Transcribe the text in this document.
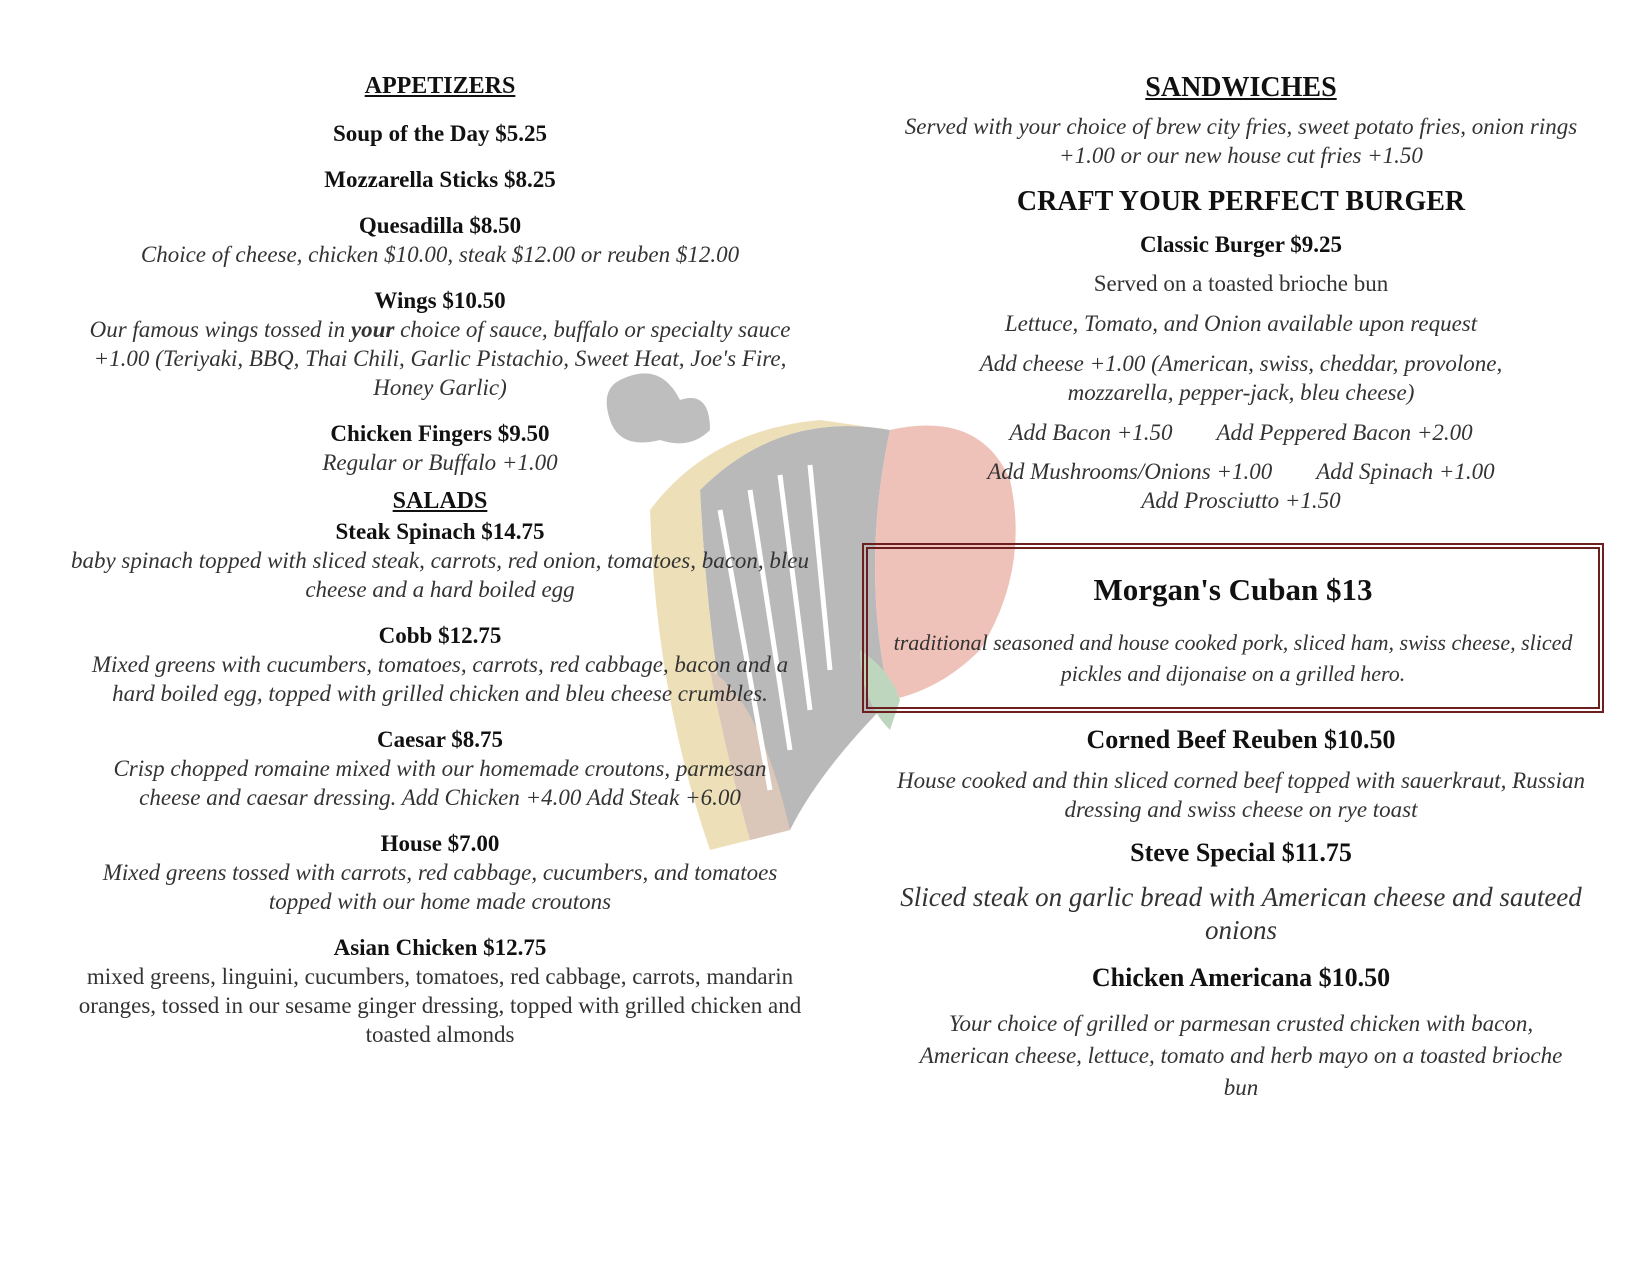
APPETIZERS
Soup of the Day $5.25
Mozzarella Sticks $8.25
Quesadilla $8.50
Choice of cheese, chicken $10.00, steak $12.00 or reuben $12.00
Wings $10.50
Our famous wings tossed in your choice of sauce, buffalo or specialty sauce +1.00 (Teriyaki, BBQ, Thai Chili, Garlic Pistachio, Sweet Heat, Joe's Fire, Honey Garlic)
Chicken Fingers $9.50
Regular or Buffalo +1.00
SALADS
Steak Spinach $14.75
baby spinach topped with sliced steak, carrots, red onion, tomatoes, bacon, bleu cheese and a hard boiled egg
Cobb $12.75
Mixed greens with cucumbers, tomatoes, carrots, red cabbage, bacon and a hard boiled egg, topped with grilled chicken and bleu cheese crumbles.
Caesar $8.75
Crisp chopped romaine mixed with our homemade croutons, parmesan cheese and caesar dressing. Add Chicken +4.00 Add Steak +6.00
House $7.00
Mixed greens tossed with carrots, red cabbage, cucumbers, and tomatoes topped with our home made croutons
Asian Chicken $12.75
mixed greens, linguini, cucumbers, tomatoes, red cabbage, carrots, mandarin oranges, tossed in our sesame ginger dressing, topped with grilled chicken and toasted almonds
SANDWICHES
Served with your choice of brew city fries, sweet potato fries, onion rings +1.00 or our new house cut fries +1.50
CRAFT YOUR PERFECT BURGER
Classic Burger $9.25
Served on a toasted brioche bun
Lettuce, Tomato, and Onion available upon request
Add cheese +1.00 (American, swiss, cheddar, provolone, mozzarella, pepper-jack, bleu cheese)
Add Bacon +1.50 Add Peppered Bacon +2.00
Add Mushrooms/Onions +1.00 Add Spinach +1.00
Add Prosciutto +1.50
Morgan's Cuban $13
traditional seasoned and house cooked pork, sliced ham, swiss cheese, sliced pickles and dijonaise on a grilled hero.
Corned Beef Reuben $10.50
House cooked and thin sliced corned beef topped with sauerkraut, Russian dressing and swiss cheese on rye toast
Steve Special $11.75
Sliced steak on garlic bread with American cheese and sauteed onions
Chicken Americana $10.50
Your choice of grilled or parmesan crusted chicken with bacon, American cheese, lettuce, tomato and herb mayo on a toasted brioche bun
